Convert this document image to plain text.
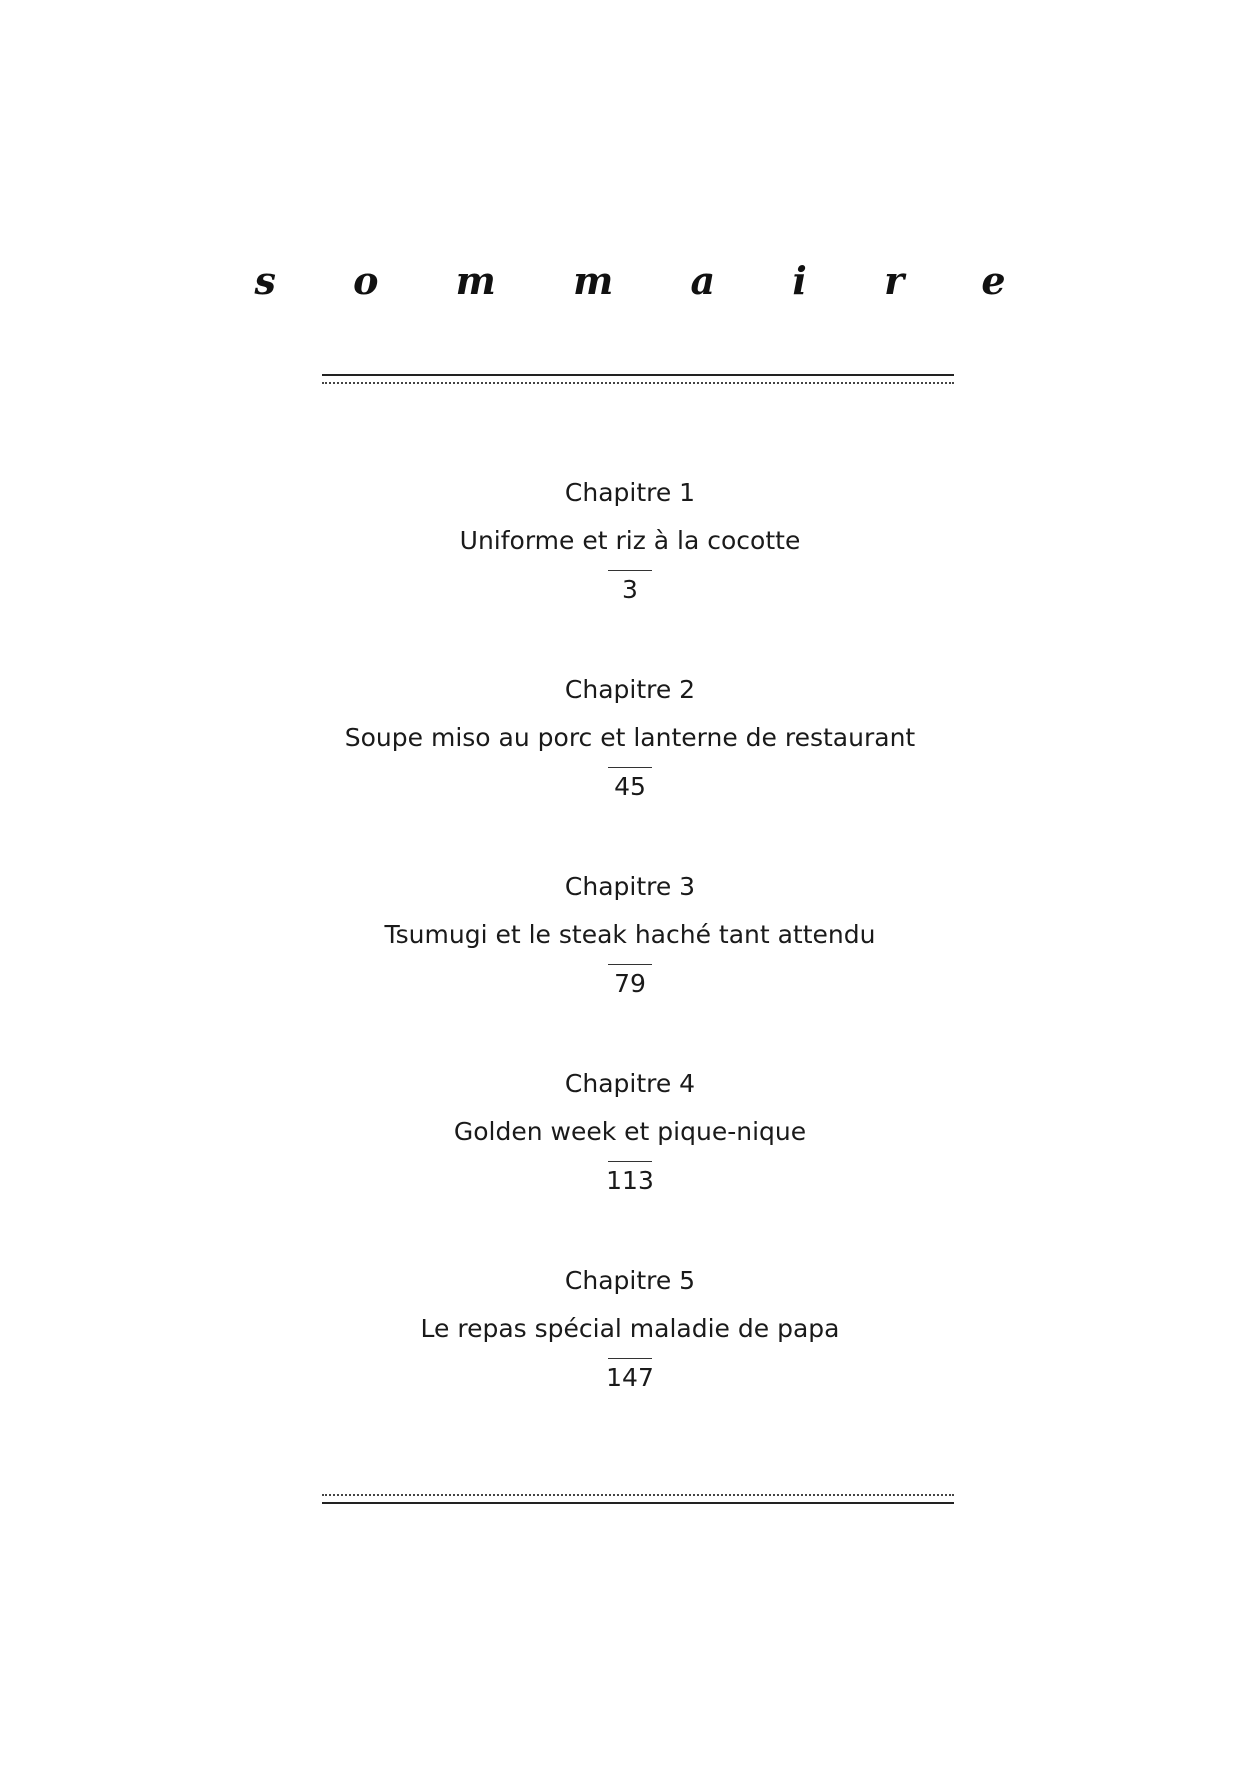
s o m m a i r e
Chapitre 1
Uniforme et riz à la cocotte
3
Chapitre 2
Soupe miso au porc et lanterne de restaurant
45
Chapitre 3
Tsumugi et le steak haché tant attendu
79
Chapitre 4
Golden week et pique-nique
113
Chapitre 5
Le repas spécial maladie de papa
147
